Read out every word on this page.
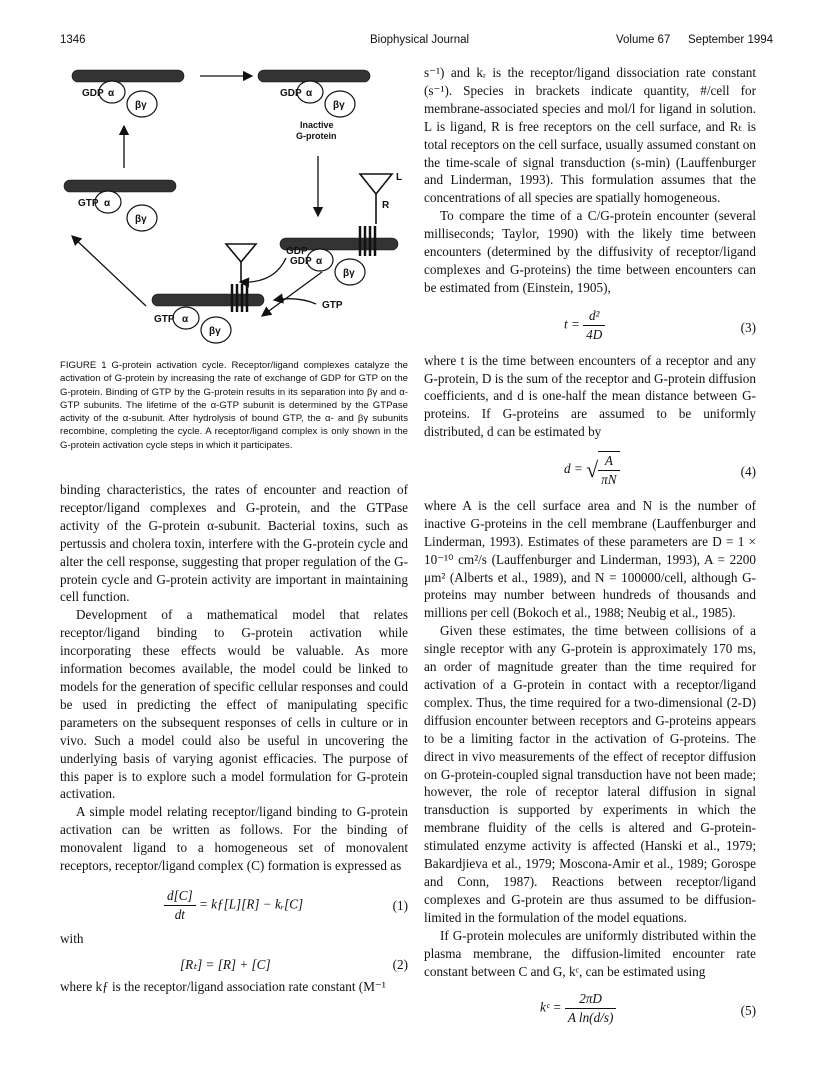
1346	Biophysical Journal	Volume 67 September 1994
GDP α
βγ
GDP α
βγ
Inactive
G-protein
GTP α
βγ
L
R
GDP α
βγ
GDP
GTP
GTP α
βγ
FIGURE 1 G-protein activation cycle. Receptor/ligand complexes catalyze the activation of G-protein by increasing the rate of exchange of GDP for GTP on the G-protein. Binding of GTP by the G-protein results in its separation into βγ and α-GTP subunits. The lifetime of the α-GTP subunit is determined by the GTPase activity of the α-subunit. After hydrolysis of bound GTP, the α- and βγ subunits recombine, completing the cycle. A receptor/ligand complex is only shown in the G-protein activation cycle steps in which it participates.

binding characteristics, the rates of encounter and reaction of receptor/ligand complexes and G-protein, and the GTPase activity of the G-protein α-subunit. Bacterial toxins, such as pertussis and cholera toxin, interfere with the G-protein cycle and alter the cell response, suggesting that proper regulation of the G-protein cycle and G-protein activity are important in maintaining cell function.

Development of a mathematical model that relates receptor/ligand binding to G-protein activation while incorporating these effects would be valuable. As more information becomes available, the model could be linked to models for the generation of specific cellular responses and could be used in predicting the effect of manipulating specific parameters on the subsequent responses of cells in culture or in vivo. Such a model could also be useful in uncovering the underlying basis of varying agonist efficacies. The purpose of this paper is to explore such a model formulation for G-protein activation.

A simple model relating receptor/ligand binding to G-protein activation can be written as follows. For the binding of monovalent ligand to a homogeneous set of monovalent receptors, receptor/ligand complex (C) formation is expressed as

$\frac{d[C]}{dt}$ = kƒ[L][R] − kᵣ[C]	(1)

with

[Rₜ] = [R] + [C]	(2)

where kƒ is the receptor/ligand association rate constant (M⁻¹

s⁻¹) and kᵣ is the receptor/ligand dissociation rate constant (s⁻¹). Species in brackets indicate quantity, #/cell for membrane-associated species and mol/l for ligand in solution. L is ligand, R is free receptors on the cell surface, and Rₜ is total receptors on the cell surface, usually assumed constant on the time-scale of signal transduction (s-min) (Lauffenburger and Linderman, 1993). This formulation assumes that the concentrations of all species are spatially homogeneous.

To compare the time of a C/G-protein encounter (several milliseconds; Taylor, 1990) with the likely time between encounters (determined by the diffusivity of receptor/ligand complexes and G-proteins) the time between encounters can be estimated from (Einstein, 1905),

$t = \frac{\text{d²}}{4D}$	(3)

where t is the time between encounters of a receptor and any G-protein, D is the sum of the receptor and G-protein diffusion coefficients, and d is one-half the mean distance between G-proteins. If G-proteins are assumed to be uniformly distributed, d can be estimated by

d = √ $\frac{A}{\pi N}$	(4)

where A is the cell surface area and N is the number of inactive G-proteins in the cell membrane (Lauffenburger and Linderman, 1993). Estimates of these parameters are D = 1 × 10⁻¹⁰ cm²/s (Lauffenburger and Linderman, 1993), A = 2200 μm² (Alberts et al., 1989), and N = 100000/cell, although G-proteins may number between hundreds of thousands and millions per cell (Bokoch et al., 1988; Neubig et al., 1985).

Given these estimates, the time between collisions of a single receptor with any G-protein is approximately 170 ms, an order of magnitude greater than the time required for activation of a G-protein in contact with a receptor/ligand complex. Thus, the time required for a two-dimensional (2-D) diffusion encounter between receptors and G-proteins appears to be a limiting factor in the activation of G-proteins. The direct in vivo measurements of the effect of receptor diffusion on G-protein-coupled signal transduction have not been made; however, the role of receptor lateral diffusion in signal transduction is supported by experiments in which the membrane fluidity of the cells is altered and G-protein-stimulated enzyme activity is affected (Hanski et al., 1979; Bakardjieva et al., 1979; Moscona-Amir et al., 1989; Gorospe and Conn, 1987). Reactions between receptor/ligand complexes and G-protein are thus assumed to be diffusion-limited in the formulation of the model equations.

If G-protein molecules are uniformly distributed within the plasma membrane, the diffusion-limited encounter rate constant between C and G, kᶜ, can be estimated using

kᶜ = $\frac{2\pi D}{\text{A ln(d/s)}}$	(5)
